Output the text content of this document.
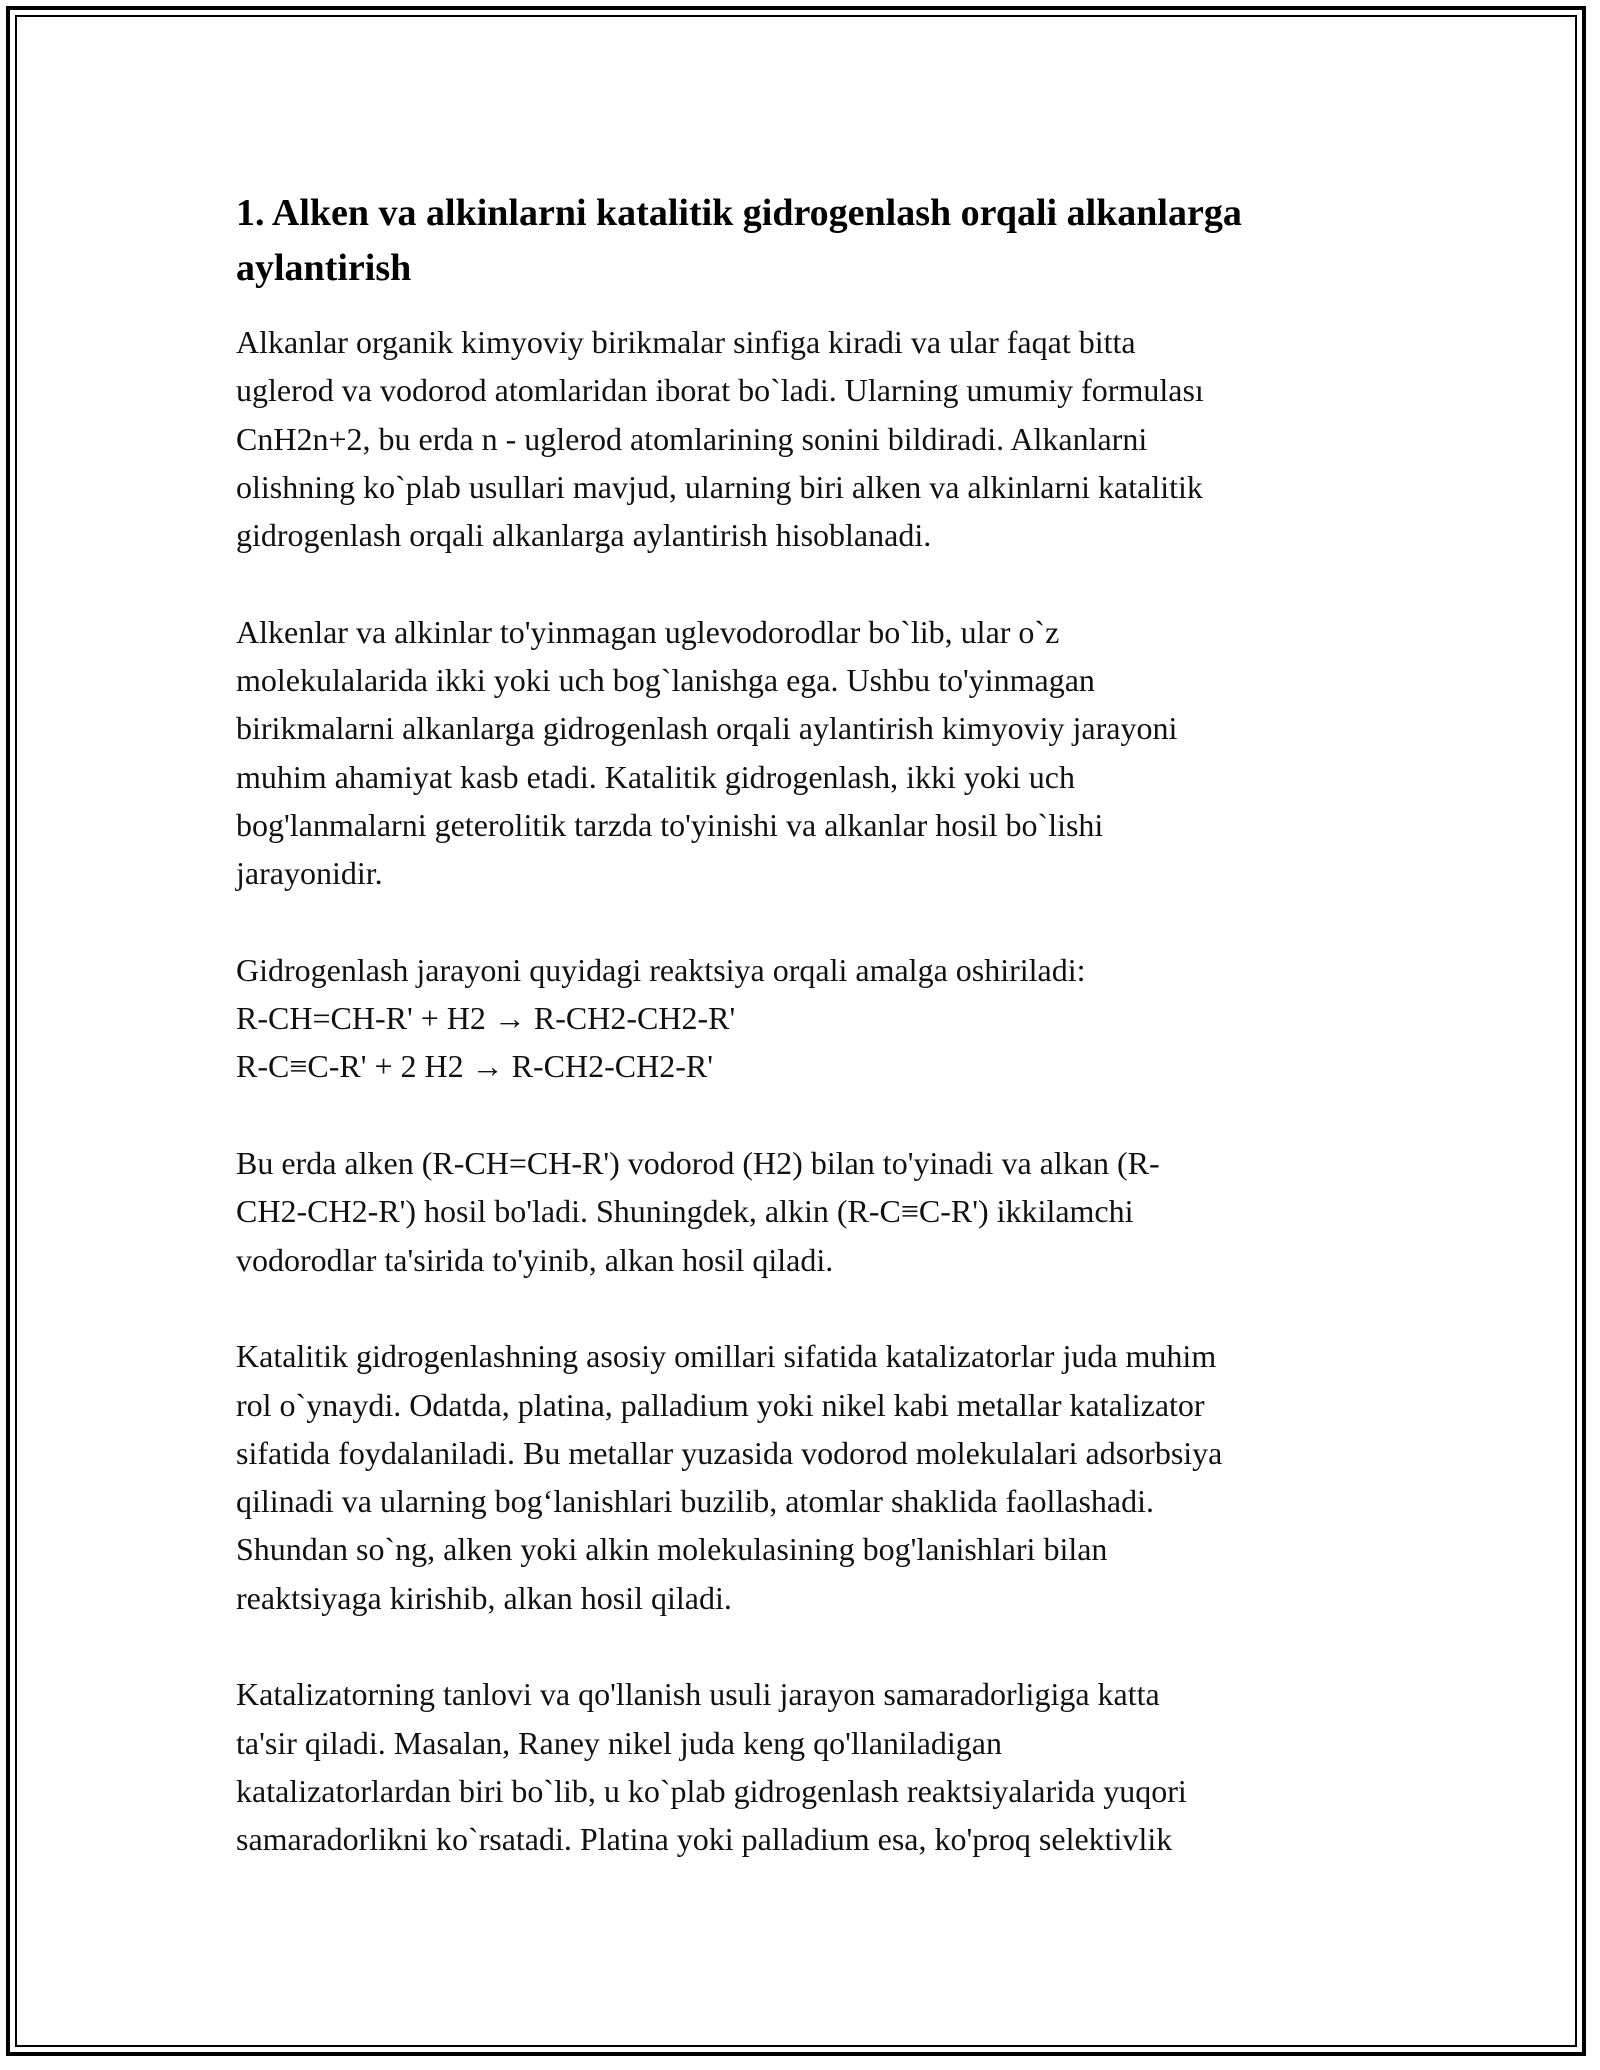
1. Alken va alkinlarni katalitik gidrogenlash orqali alkanlarga aylantirish

Alkanlar organik kimyoviy birikmalar sinfiga kiradi va ular faqat bitta
uglerod va vodorod atomlaridan iborat bo`ladi. Ularning umumiy formulası
CnH2n+2, bu erda n - uglerod atomlarining sonini bildiradi. Alkanlarni
olishning ko`plab usullari mavjud, ularning biri alken va alkinlarni katalitik
gidrogenlash orqali alkanlarga aylantirish hisoblanadi.

Alkenlar va alkinlar to'yinmagan uglevodorodlar bo`lib, ular o`z
molekulalarida ikki yoki uch bog`lanishga ega. Ushbu to'yinmagan
birikmalarni alkanlarga gidrogenlash orqali aylantirish kimyoviy jarayoni
muhim ahamiyat kasb etadi. Katalitik gidrogenlash, ikki yoki uch
bog'lanmalarni geterolitik tarzda to'yinishi va alkanlar hosil bo`lishi
jarayonidir.

Gidrogenlash jarayoni quyidagi reaktsiya orqali amalga oshiriladi:
R-CH=CH-R' + H2 → R-CH2-CH2-R'
R-C≡C-R' + 2 H2 → R-CH2-CH2-R'

Bu erda alken (R-CH=CH-R') vodorod (H2) bilan to'yinadi va alkan (R-
CH2-CH2-R') hosil bo'ladi. Shuningdek, alkin (R-C≡C-R') ikkilamchi
vodorodlar ta'sirida to'yinib, alkan hosil qiladi.

Katalitik gidrogenlashning asosiy omillari sifatida katalizatorlar juda muhim
rol o`ynaydi. Odatda, platina, palladium yoki nikel kabi metallar katalizator
sifatida foydalaniladi. Bu metallar yuzasida vodorod molekulalari adsorbsiya
qilinadi va ularning bog‘lanishlari buzilib, atomlar shaklida faollashadi.
Shundan so`ng, alken yoki alkin molekulasining bog'lanishlari bilan
reaktsiyaga kirishib, alkan hosil qiladi.

Katalizatorning tanlovi va qo'llanish usuli jarayon samaradorligiga katta
ta'sir qiladi. Masalan, Raney nikel juda keng qo'llaniladigan
katalizatorlardan biri bo`lib, u ko`plab gidrogenlash reaktsiyalarida yuqori
samaradorlikni ko`rsatadi. Platina yoki palladium esa, ko'proq selektivlik
